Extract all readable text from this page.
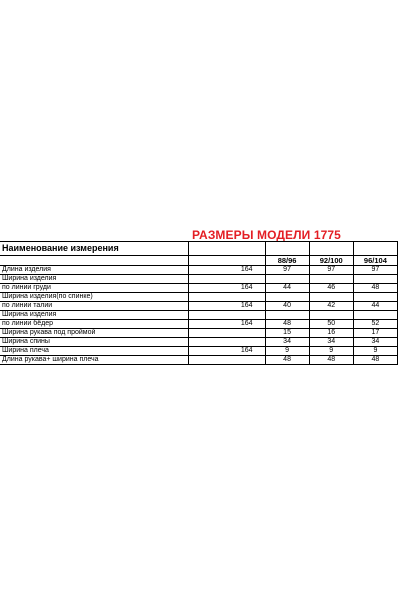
РАЗМЕРЫ МОДЕЛИ 1775
Наименование измерения				
		88/96	92/100	96/104
Длина изделия	164	97	97	97
Ширина изделия				
по линии груди	164	44	46	48
Ширина изделия(по спинке)				
по линии талии	164	40	42	44
Ширина изделия				
по линии бёдер	164	48	50	52
Ширина рукава под проймой		15	16	17
Ширина спины		34	34	34
Ширина плеча	164	9	9	9
Длина рукава+ ширина плеча		48	48	48
